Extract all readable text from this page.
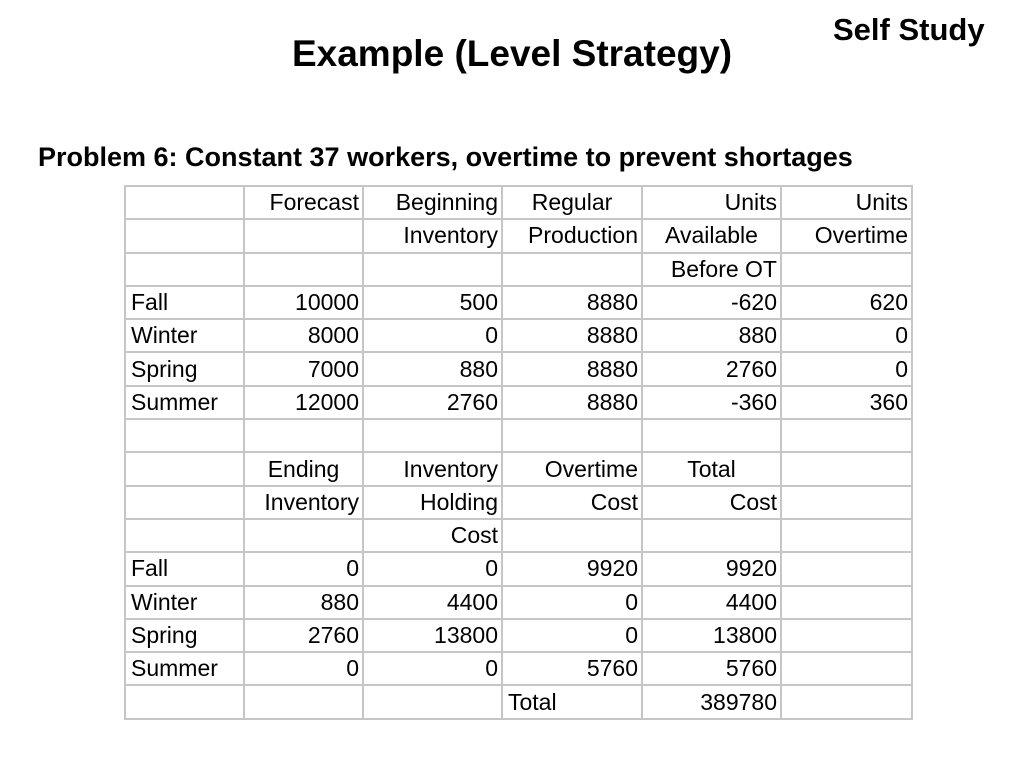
Self Study
Example (Level Strategy)
Problem 6: Constant 37 workers, overtime to prevent shortages
	Forecast	Beginning	Regular	Units	Units
		Inventory	Production	Available	Overtime
				Before OT	
Fall	10000	500	8880	-620	620
Winter	8000	0	8880	880	0
Spring	7000	880	8880	2760	0
Summer	12000	2760	8880	-360	360

	Ending	Inventory	Overtime	Total	
	Inventory	Holding	Cost	Cost	
		Cost			
Fall	0	0	9920	9920	
Winter	880	4400	0	4400	
Spring	2760	13800	0	13800	
Summer	0	0	5760	5760	
			Total	389780	
